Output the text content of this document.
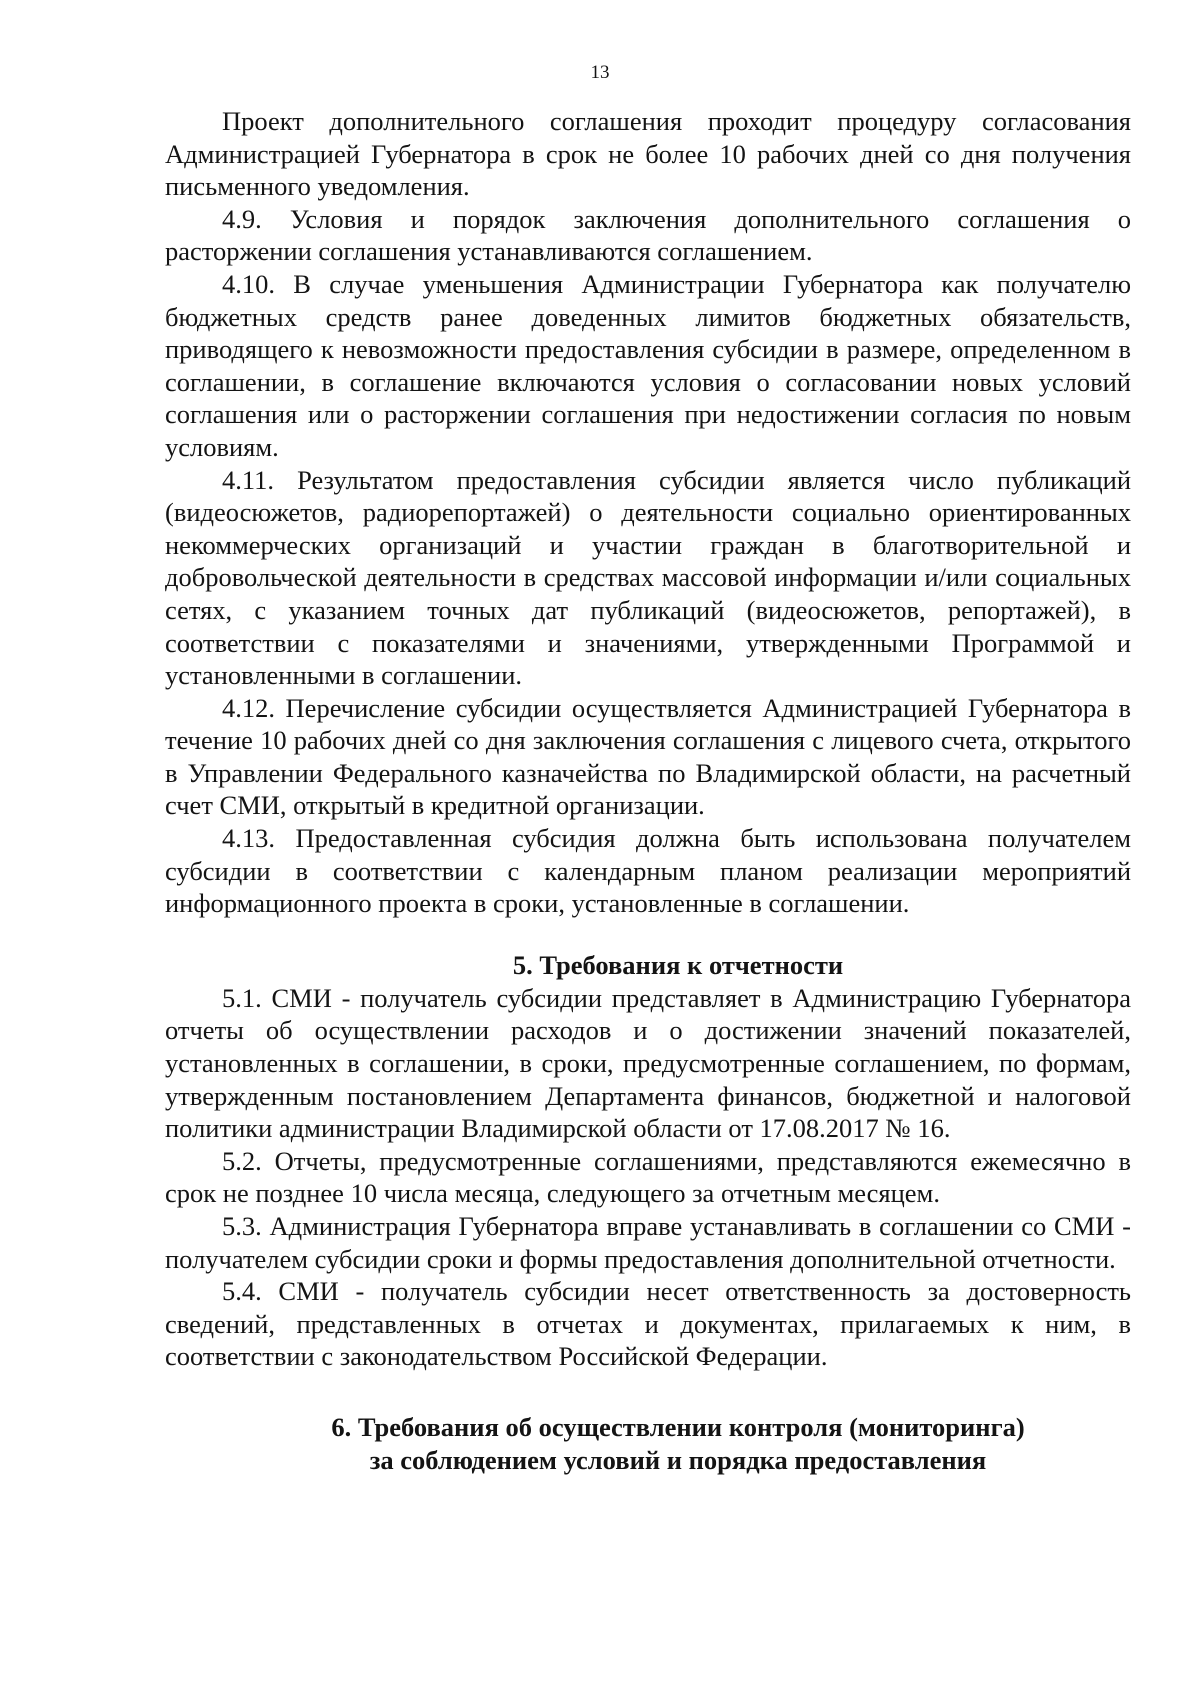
13

Проект дополнительного соглашения проходит процедуру согласования Администрацией Губернатора в срок не более 10 рабочих дней со дня получения письменного уведомления.

4.9. Условия и порядок заключения дополнительного соглашения о расторжении соглашения устанавливаются соглашением.

4.10. В случае уменьшения Администрации Губернатора как получателю бюджетных средств ранее доведенных лимитов бюджетных обязательств, приводящего к невозможности предоставления субсидии в размере, определенном в соглашении, в соглашение включаются условия о согласовании новых условий соглашения или о расторжении соглашения при недостижении согласия по новым условиям.

4.11. Результатом предоставления субсидии является число публикаций (видеосюжетов, радиорепортажей) о деятельности социально ориентированных некоммерческих организаций и участии граждан в благотворительной и добровольческой деятельности в средствах массовой информации и/или социальных сетях, с указанием точных дат публикаций (видеосюжетов, репортажей), в соответствии с показателями и значениями, утвержденными Программой и установленными в соглашении.

4.12. Перечисление субсидии осуществляется Администрацией Губернатора в течение 10 рабочих дней со дня заключения соглашения с лицевого счета, открытого в Управлении Федерального казначейства по Владимирской области, на расчетный счет СМИ, открытый в кредитной организации.

4.13. Предоставленная субсидия должна быть использована получателем субсидии в соответствии с календарным планом реализации мероприятий информационного проекта в сроки, установленные в соглашении.

5. Требования к отчетности

5.1. СМИ - получатель субсидии представляет в Администрацию Губернатора отчеты об осуществлении расходов и о достижении значений показателей, установленных в соглашении, в сроки, предусмотренные соглашением, по формам, утвержденным постановлением Департамента финансов, бюджетной и налоговой политики администрации Владимирской области от 17.08.2017 № 16.

5.2. Отчеты, предусмотренные соглашениями, представляются ежемесячно в срок не позднее 10 числа месяца, следующего за отчетным месяцем.

5.3. Администрация Губернатора вправе устанавливать в соглашении со СМИ - получателем субсидии сроки и формы предоставления дополнительной отчетности.

5.4. СМИ - получатель субсидии несет ответственность за достоверность сведений, представленных в отчетах и документах, прилагаемых к ним, в соответствии с законодательством Российской Федерации.

6. Требования об осуществлении контроля (мониторинга)
за соблюдением условий и порядка предоставления
